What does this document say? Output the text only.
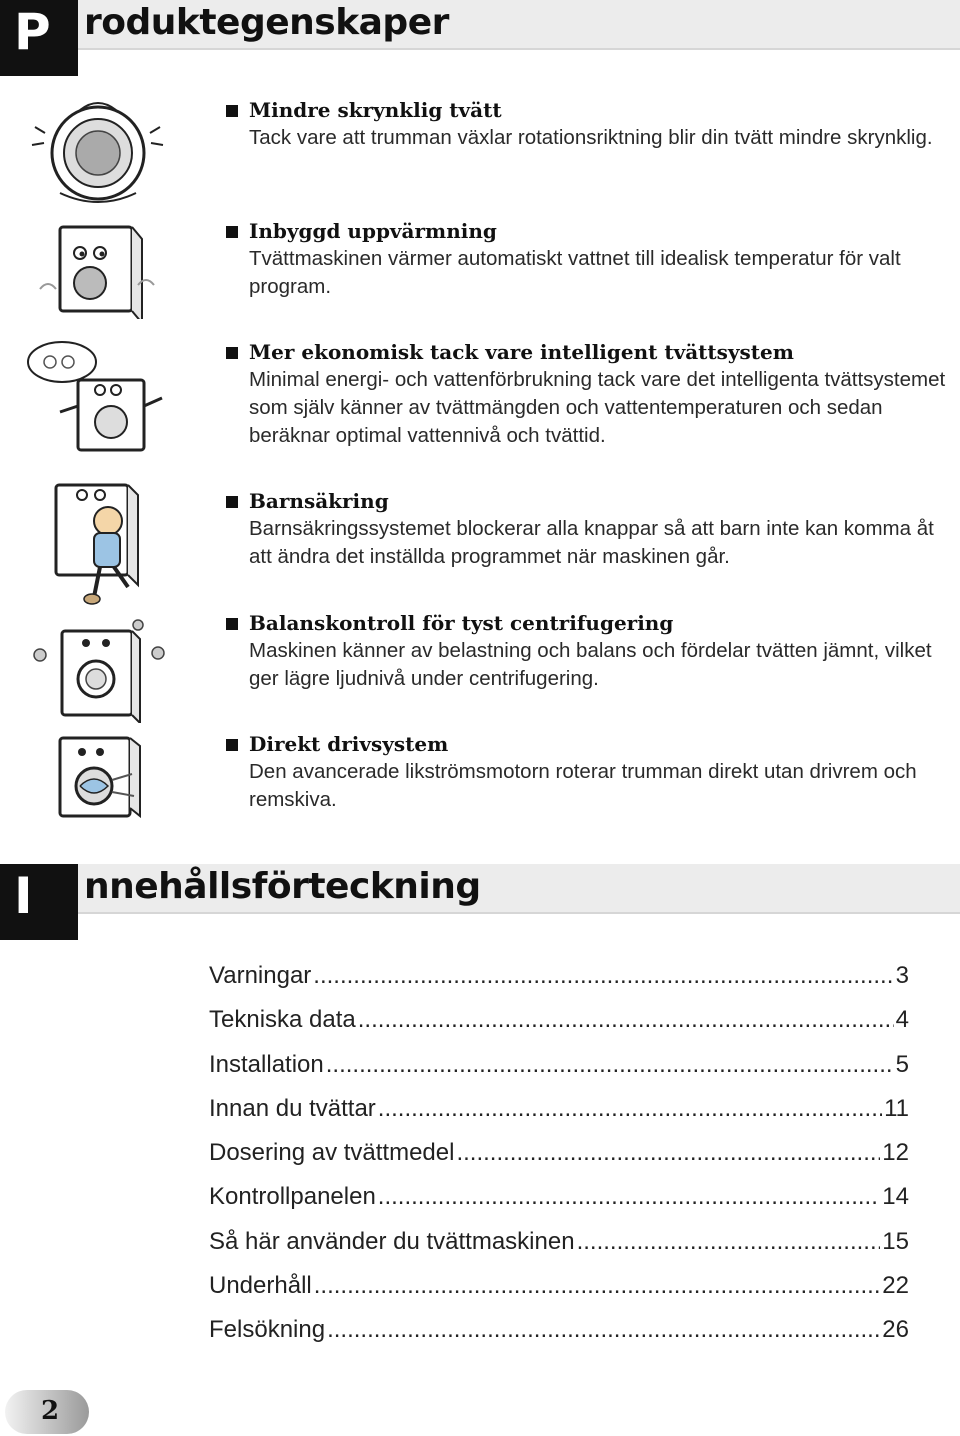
P roduktegenskaper
Mindre skrynklig tvätt
Tack vare att trumman växlar rotationsriktning blir din tvätt mindre skrynklig.
Inbyggd uppvärmning
Tvättmaskinen värmer automatiskt vattnet till idealisk temperatur för valt program.
Mer ekonomisk tack vare intelligent tvättsystem
Minimal energi- och vattenförbrukning tack vare det intelligenta tvättsystemet som själv känner av tvättmängden och vattentemperaturen och sedan beräknar optimal vattennivå och tvättid.
Barnsäkring
Barnsäkringssystemet blockerar alla knappar så att barn inte kan komma åt att ändra det inställda programmet när maskinen går.
Balanskontroll för tyst centrifugering
Maskinen känner av belastning och balans och fördelar tvätten jämnt, vilket ger lägre ljudnivå under centrifugering.
Direkt drivsystem
Den avancerade likströmsmotorn roterar trumman direkt utan drivrem och remskiva.
I	nnehållsförteckning
Varningar .....	3
Tekniska data .....	4
Installation .....	5
Innan du tvättar .....	11
Dosering av tvättmedel .....	12
Kontrollpanelen .....	14
Så här använder du tvättmaskinen .....	15
Underhåll .....	22
Felsökning .....	26
2
